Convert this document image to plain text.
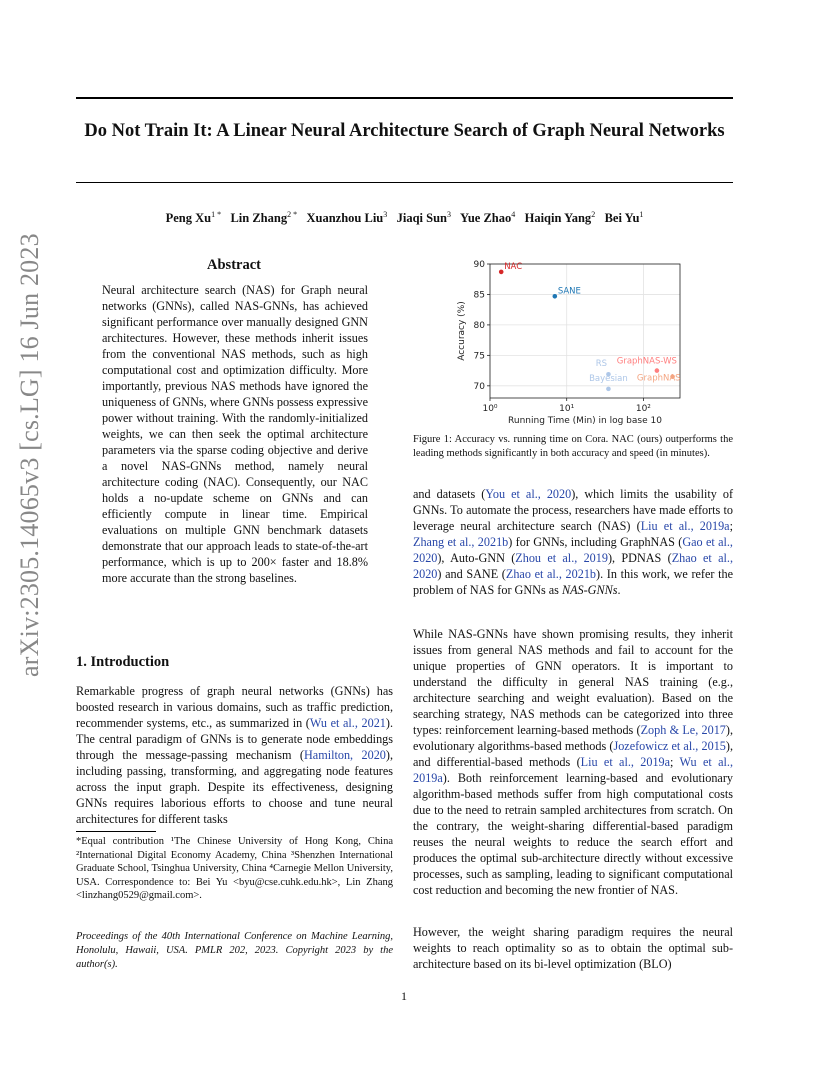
Do Not Train It: A Linear Neural Architecture Search of Graph Neural Networks
Peng $Xu^{1 *}$ Lin Zhang$^{2 *}$ Xuanzhou Liu$^3$ Jiaqi Sun$^3$ Yue Zhao$^4$ Haiqin Yang$^2$ Bei Yu$^1$
arXiv:2305.14065v3 [cs.LG] 16 Jun 2023	Abstract
Neural architecture search (NAS) for Graph neural networks (GNNs), called NAS-GNNs, has achieved significant performance over manually designed GNN architectures. However, these methods inherit issues from the conventional NAS methods, such as high computational cost and optimization difficulty. More importantly, previous NAS methods have ignored the uniqueness of GNNs, where GNNs possess expressive power without training. With the randomly-initialized weights, we can then seek the optimal architecture parameters via the sparse coding objective and derive a novel NAS-GNNs method, namely neural architecture coding (NAC). Consequently, our NAC holds a no-update scheme on GNNs and can efficiently compute in linear time. Empirical evaluations on multiple GNN benchmark datasets demonstrate that our approach leads to state-of-the-art performance, which is up to 200× faster and 18.8% more accurate than the strong baselines.
1. Introduction
Remarkable progress of graph neural networks (GNNs) has boosted research in various domains, such as traffic prediction, recommender systems, etc., as summarized in (Wu et al., 2021). The central paradigm of GNNs is to generate node embeddings through the message-passing mechanism (Hamilton, 2020), including passing, transforming, and aggregating node features across the input graph. Despite its effectiveness, designing GNNs requires laborious efforts to choose and tune neural architectures for different tasks
*Equal contribution ¹The Chinese University of Hong Kong, China ²International Digital Economy Academy, China ³Shenzhen International Graduate School, Tsinghua University, China ⁴Carnegie Mellon University, USA. Correspondence to: Bei Yu <byu@cse.cuhk.edu.hk>, Lin Zhang <linzhang0529@gmail.com>.
Proceedings of the 40th International Conference on Machine Learning, Honolulu, Hawaii, USA. PMLR 202, 2023. Copyright 2023 by the author(s).
70
75
80
85
90
10⁰	10¹	10²
Running Time (Min) in log base 10
Accuracy (%)
NAC
SANE
RS
Bayesian
GraphNAS-WS
GraphNAS
Figure 1: Accuracy vs. running time on Cora. NAC (ours) outperforms the leading methods significantly in both accuracy and speed (in minutes).
and datasets (You et al., 2020), which limits the usability of GNNs. To automate the process, researchers have made efforts to leverage neural architecture search (NAS) (Liu et al., 2019a; Zhang et al., 2021b) for GNNs, including GraphNAS (Gao et al., 2020), Auto-GNN (Zhou et al., 2019), PDNAS (Zhao et al., 2020) and SANE (Zhao et al., 2021b). In this work, we refer the problem of NAS for GNNs as NAS-GNNs.
While NAS-GNNs have shown promising results, they inherit issues from general NAS methods and fail to account for the unique properties of GNN operators. It is important to understand the difficulty in general NAS training (e.g., architecture searching and weight evaluation). Based on the searching strategy, NAS methods can be categorized into three types: reinforcement learning-based methods (Zoph & Le, 2017), evolutionary algorithms-based methods (Jozefowicz et al., 2015), and differential-based methods (Liu et al., 2019a; Wu et al., 2019a). Both reinforcement learning-based and evolutionary algorithm-based methods suffer from high computational costs due to the need to retrain sampled architectures from scratch. On the contrary, the weight-sharing differential-based paradigm reuses the neural weights to reduce the search effort and produces the optimal sub-architecture directly without excessive processes, such as sampling, leading to significant computational cost reduction and becoming the new frontier of NAS.
However, the weight sharing paradigm requires the neural weights to reach optimality so as to obtain the optimal sub-architecture based on its bi-level optimization (BLO)
1
